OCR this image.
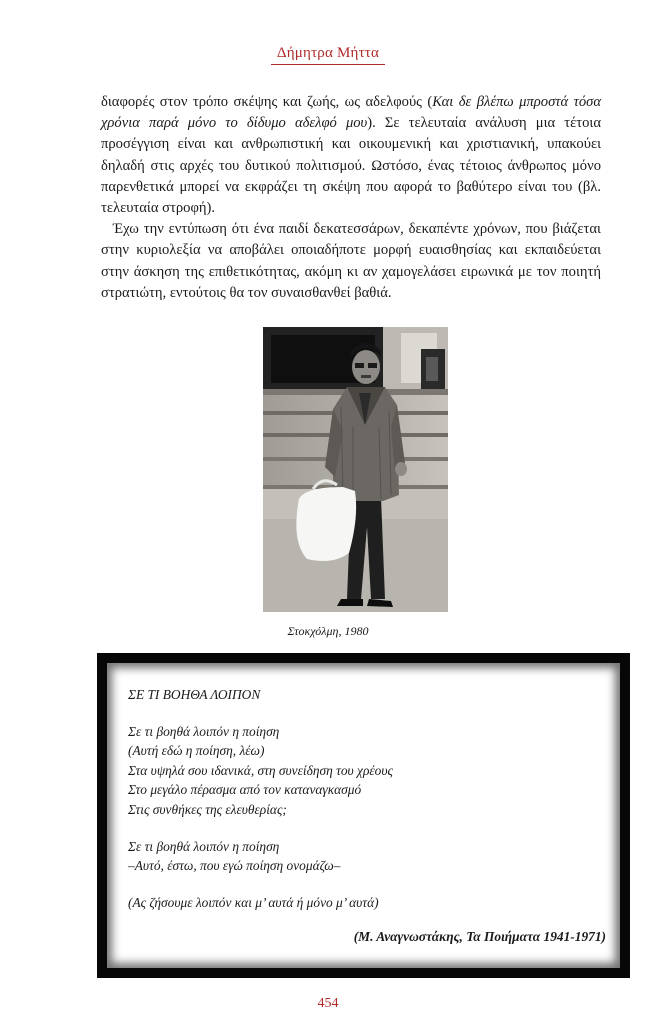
Δήμητρα Μήττα

διαφορές στον τρόπο σκέψης και ζωής, ως αδελφούς (Και δε βλέπω μπροστά τόσα χρόνια παρά μόνο το δίδυμο αδελφό μου). Σε τελευταία ανάλυση μια τέτοια προσέγγιση είναι και ανθρωπιστική και οικουμενική και χριστιανική, υπακούει δηλαδή στις αρχές του δυτικού πολιτισμού. Ωστόσο, ένας τέτοιος άνθρωπος μόνο παρενθετικά μπορεί να εκφράζει τη σκέψη που αφορά το βαθύτερο είναι του (βλ. τελευταία στροφή).

Έχω την εντύπωση ότι ένα παιδί δεκατεσσάρων, δεκαπέντε χρόνων, που βιάζεται στην κυριολεξία να αποβάλει οποιαδήποτε μορφή ευαισθησίας και εκπαιδεύεται στην άσκηση της επιθετικότητας, ακόμη κι αν χαμογελάσει ειρωνικά με τον ποιητή στρατιώτη, εντούτοις θα τον συναισθανθεί βαθιά.

Στοκχόλμη, 1980
ΣΕ ΤΙ ΒΟΗΘΑ ΛΟΙΠΟΝ
Σε τι βοηθά λοιπόν η ποίηση
(Αυτή εδώ η ποίηση, λέω)
Στα υψηλά σου ιδανικά, στη συνείδηση του χρέους
Στο μεγάλο πέρασμα από τον καταναγκασμό
Στις συνθήκες της ελευθερίας;
Σε τι βοηθά λοιπόν η ποίηση
–Αυτό, έστω, που εγώ ποίηση ονομάζω–
(Ας ζήσουμε λοιπόν και μ’ αυτά ή μόνο μ’ αυτά)
(Μ. Αναγνωστάκης, Τα Ποιήματα 1941-1971)
454
